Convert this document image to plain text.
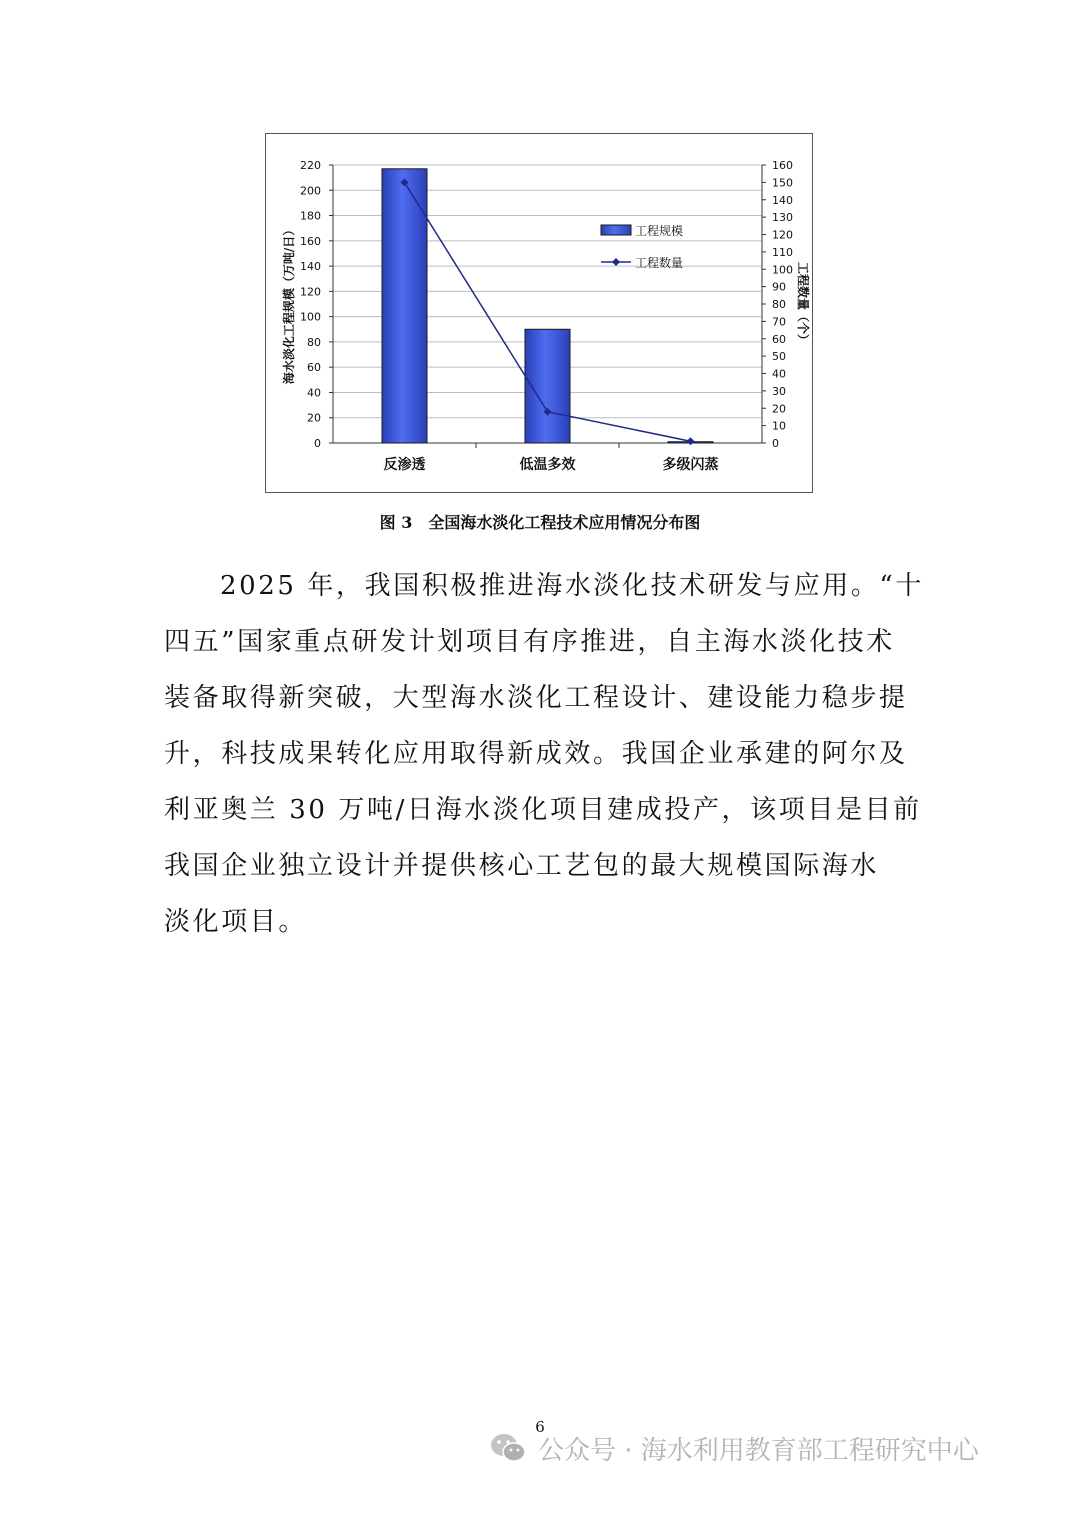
0
20
40
60
80
100
120
140
160
180
200
220
0
10
20
30
40
50
60
70
80
90
100
110
120
130
140
150
160
反渗透	低温多效	多级闪蒸
工程规模
工程数量
海水淡化工程规模（万吨/日）	工程数量（个）
图 3　全国海水淡化工程技术应用情况分布图
2025 年，我国积极推进海水淡化技术研发与应用。“十
四五”国家重点研发计划项目有序推进，自主海水淡化技术
装备取得新突破，大型海水淡化工程设计、建设能力稳步提
升，科技成果转化应用取得新成效。我国企业承建的阿尔及
利亚奥兰 30 万吨/日海水淡化项目建成投产，该项目是目前
我国企业独立设计并提供核心工艺包的最大规模国际海水
淡化项目。
6
公众号 · 海水利用教育部工程研究中心
